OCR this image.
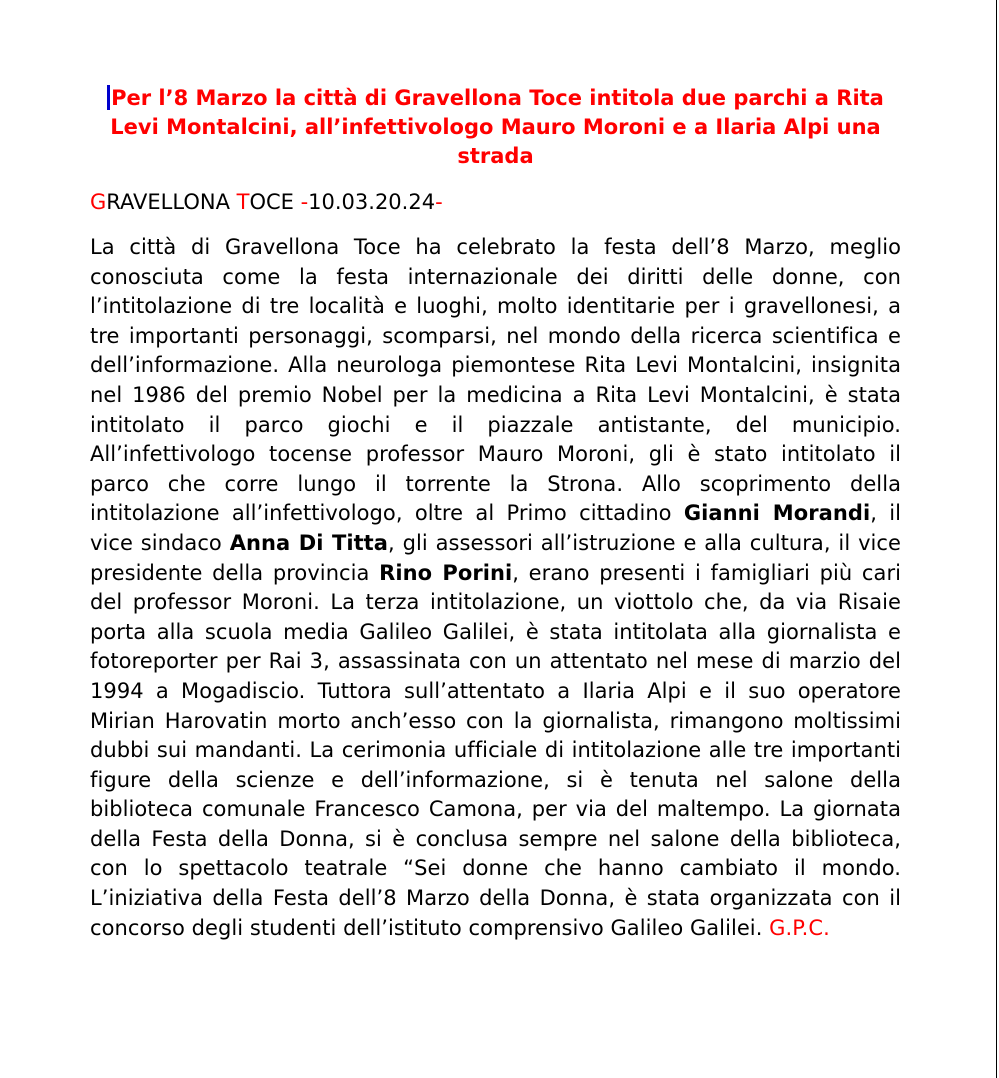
Per l’8 Marzo la città di Gravellona Toce intitola due parchi a Rita Levi Montalcini, all’infettivologo Mauro Moroni e a Ilaria Alpi una strada
GRAVELLONA TOCE -10.03.20.24-

La città di Gravellona Toce ha celebrato la festa dell’8 Marzo, meglio conosciuta come la festa internazionale dei diritti delle donne, con l’intitolazione di tre località e luoghi, molto identitarie per i gravellonesi, a tre importanti personaggi, scomparsi, nel mondo della ricerca scientifica e dell’informazione. Alla neurologa piemontese Rita Levi Montalcini, insignita nel 1986 del premio Nobel per la medicina a Rita Levi Montalcini, è stata intitolato il parco giochi e il piazzale antistante, del municipio. All’infettivologo tocense professor Mauro Moroni, gli è stato intitolato il parco che corre lungo il torrente la Strona. Allo scoprimento della intitolazione all’infettivologo, oltre al Primo cittadino Gianni Morandi, il vice sindaco Anna Di Titta, gli assessori all’istruzione e alla cultura, il vice presidente della provincia Rino Porini, erano presenti i famigliari più cari del professor Moroni. La terza intitolazione, un viottolo che, da via Risaie porta alla scuola media Galileo Galilei, è stata intitolata alla giornalista e fotoreporter per Rai 3, assassinata con un attentato nel mese di marzio del 1994 a Mogadiscio. Tuttora sull’attentato a Ilaria Alpi e il suo operatore Mirian Harovatin morto anch’esso con la giornalista, rimangono moltissimi dubbi sui mandanti. La cerimonia ufficiale di intitolazione alle tre importanti figure della scienze e dell’informazione, si è tenuta nel salone della biblioteca comunale Francesco Camona, per via del maltempo. La giornata della Festa della Donna, si è conclusa sempre nel salone della biblioteca, con lo spettacolo teatrale “Sei donne che hanno cambiato il mondo. L’iniziativa della Festa dell’8 Marzo della Donna, è stata organizzata con il concorso degli studenti dell’istituto comprensivo Galileo Galilei. G.P.C.
